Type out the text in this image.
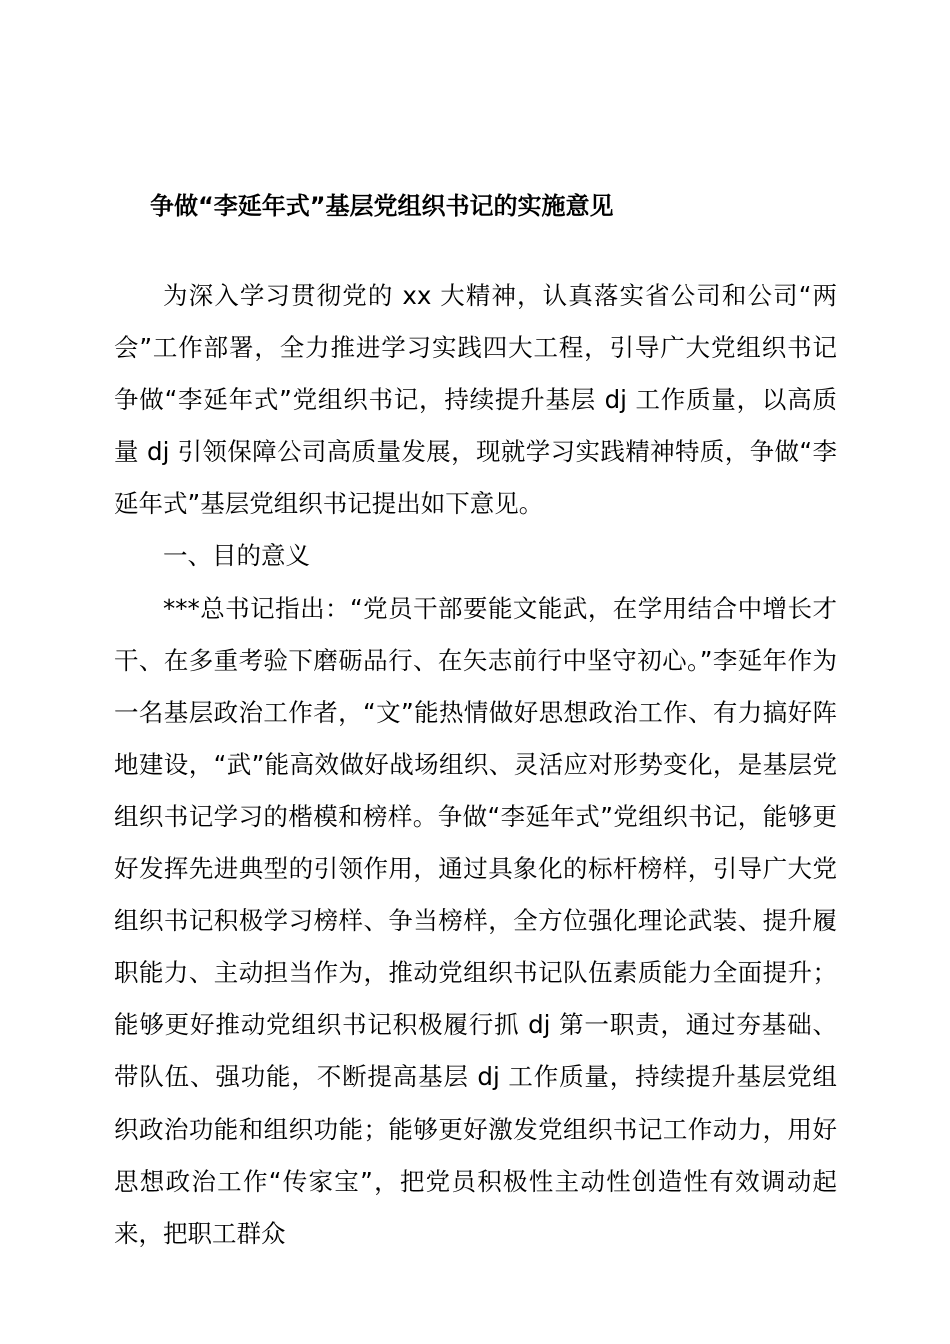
争做“李延年式”基层党组织书记的实施意见

为深入学习贯彻党的 xx 大精神，认真落实省公司和公司“两会”工作部署，全力推进学习实践四大工程，引导广大党组织书记争做“李延年式”党组织书记，持续提升基层 dj 工作质量，以高质量 dj 引领保障公司高质量发展，现就学习实践精神特质，争做“李延年式”基层党组织书记提出如下意见。

一、目的意义

***总书记指出：“党员干部要能文能武，在学用结合中增长才干、在多重考验下磨砺品行、在矢志前行中坚守初心。”李延年作为一名基层政治工作者，“文”能热情做好思想政治工作、有力搞好阵地建设，“武”能高效做好战场组织、灵活应对形势变化，是基层党组织书记学习的楷模和榜样。争做“李延年式”党组织书记，能够更好发挥先进典型的引领作用，通过具象化的标杆榜样，引导广大党组织书记积极学习榜样、争当榜样，全方位强化理论武装、提升履职能力、主动担当作为，推动党组织书记队伍素质能力全面提升；能够更好推动党组织书记积极履行抓 dj 第一职责，通过夯基础、带队伍、强功能，不断提高基层 dj 工作质量，持续提升基层党组织政治功能和组织功能；能够更好激发党组织书记工作动力，用好思想政治工作“传家宝”，把党员积极性主动性创造性有效调动起来，把职工群众
